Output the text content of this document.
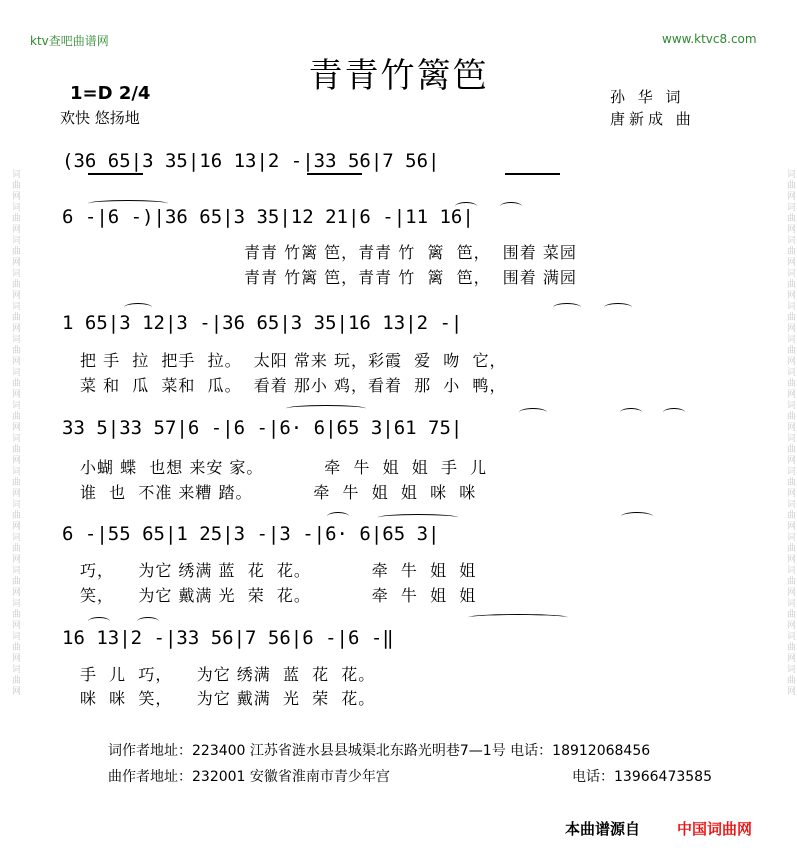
词曲网词曲网词曲网词曲网词曲网词曲网词曲网词曲网词曲网词曲网词曲网词曲网词曲网词曲网词曲网词曲网	词曲网词曲网词曲网词曲网词曲网词曲网词曲网词曲网词曲网词曲网词曲网词曲网词曲网词曲网词曲网词曲网
ktv查吧曲谱网	www.ktvc8.com
青青竹篱笆
1=D 2/4
欢快 悠扬地
孙 华 词
唐新成 曲
(36 65|3 35|16 13|2 -|33 56|7 56|
6 -|6 -)|36 65|3 35|12 21|6 -|11 16|
青青 竹篱 笆，青青 竹  篱  笆，  围着 菜园
青青 竹篱 笆，青青 竹  篱  笆，  围着 满园
1 65|3 12|3 -|36 65|3 35|16 13|2 -|
把 手  拉  把手  拉。  太阳 常来 玩，彩霞  爱  吻  它，
菜 和  瓜  菜和  瓜。  看着 那小 鸡，看着  那  小  鸭，
33 5|33 57|6 -|6 -|6· 6|65 3|61 75|
小蝴 蝶  也想 来安 家。          牵  牛  姐  姐  手  儿
谁  也  不准 来糟 踏。          牵  牛  姐  姐  咪  咪
6 -|55 65|1 25|3 -|3 -|6· 6|65 3|
巧，    为它 绣满 蓝  花  花。          牵  牛  姐  姐
笑，    为它 戴满 光  荣  花。          牵  牛  姐  姐
16 13|2 -|33 56|7 56|6 -|6 -‖
手  儿  巧，    为它 绣满  蓝  花  花。
咪  咪  笑，    为它 戴满  光  荣  花。
词作者地址：223400 江苏省涟水县县城渠北东路光明巷7—1号 电话：18912068456
曲作者地址：232001 安徽省淮南市青少年宫	电话：13966473585
本曲谱源自 中国词曲网
